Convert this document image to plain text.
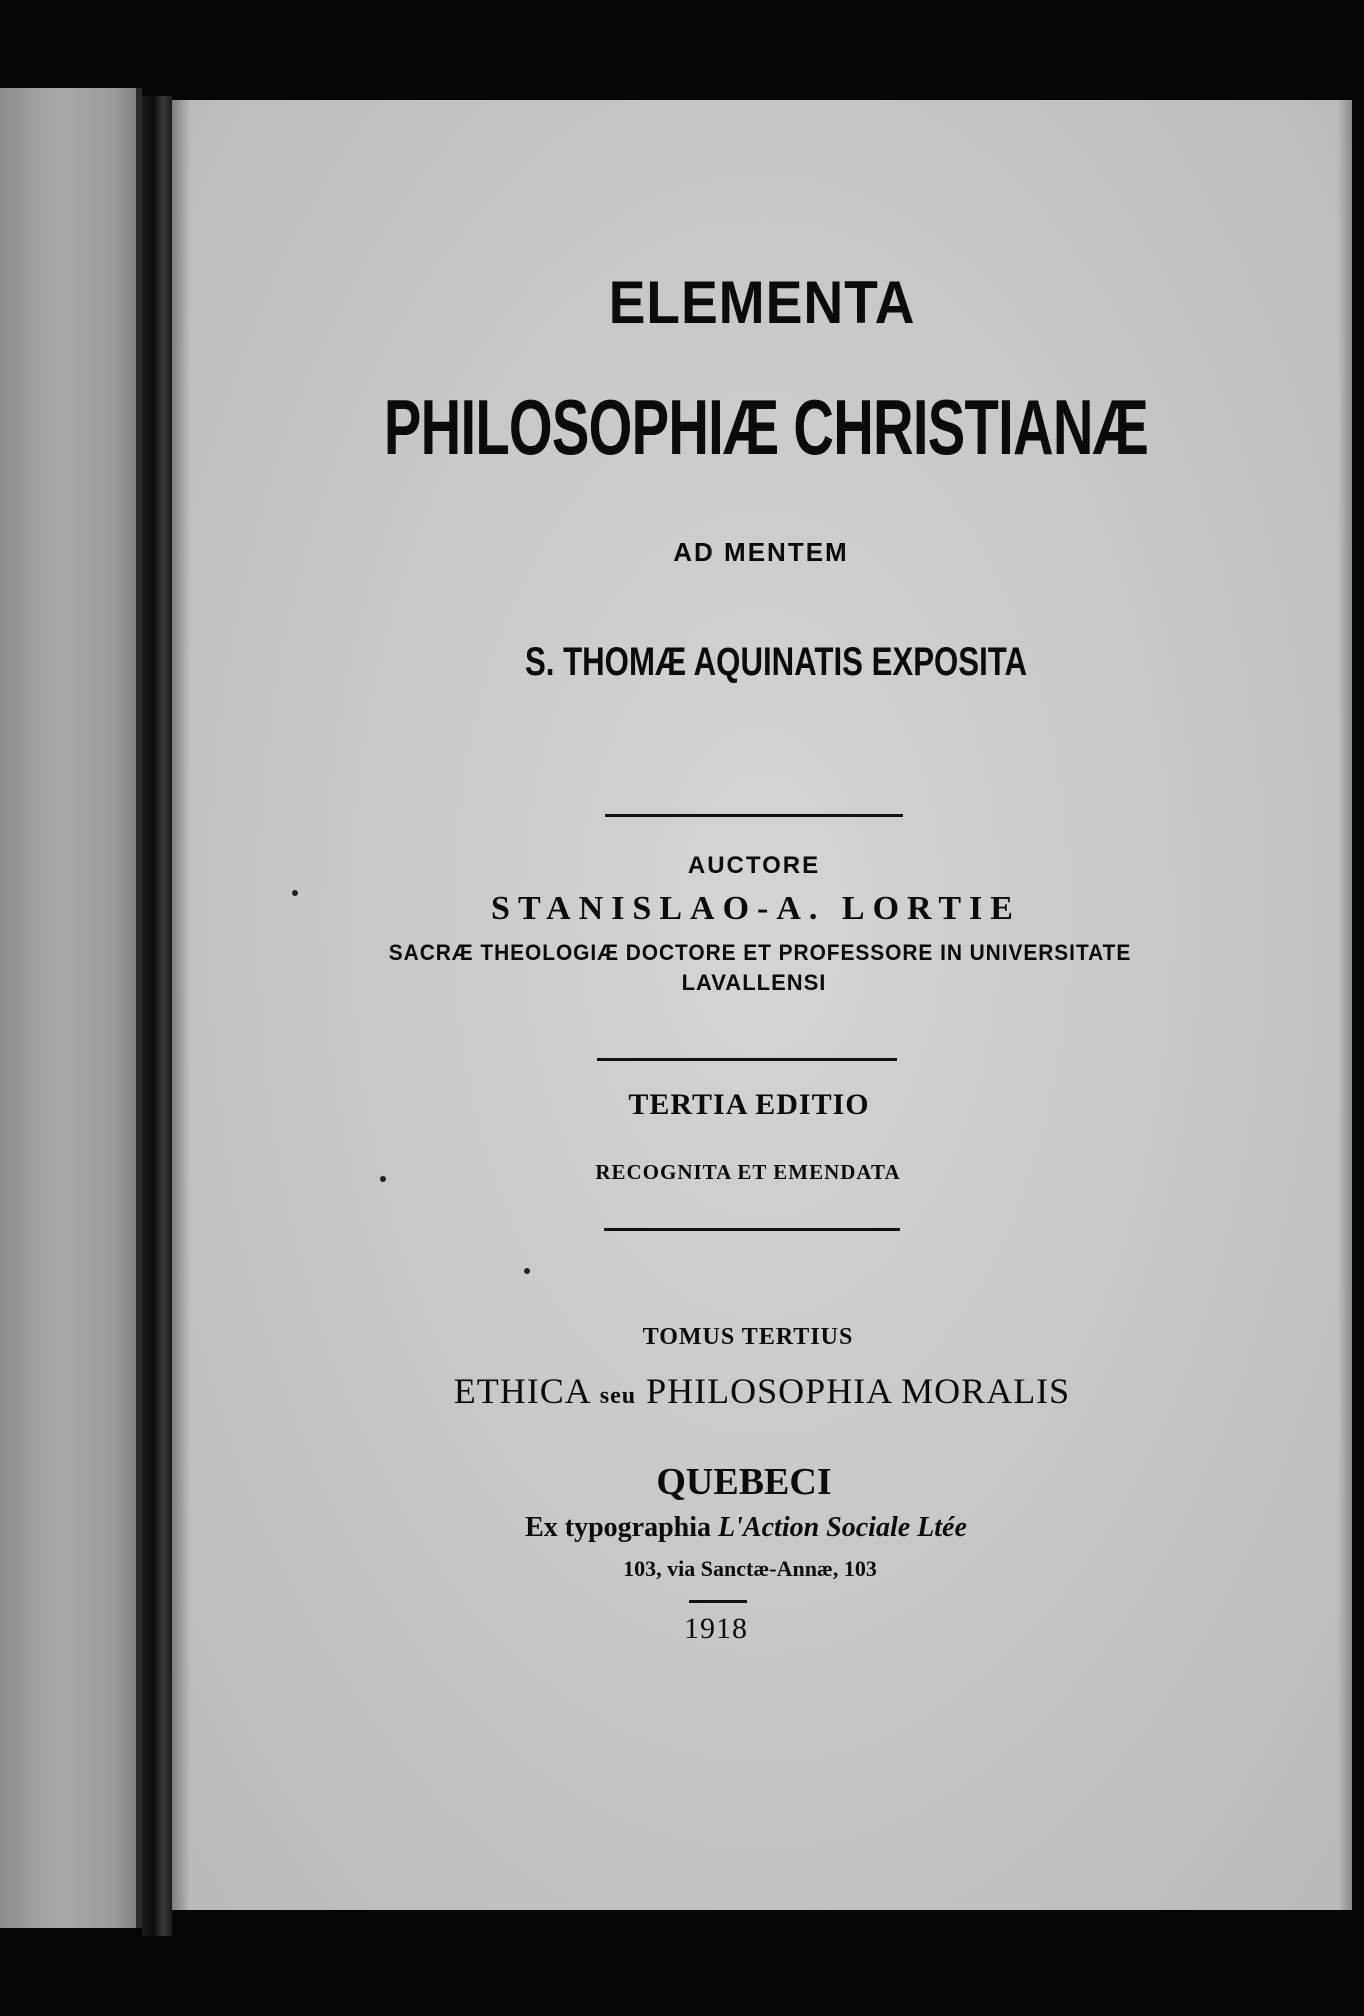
ELEMENTA
PHILOSOPHIÆ CHRISTIANÆ
AD MENTEM
S. THOMÆ AQUINATIS EXPOSITA
AUCTORE
STANISLAO-A. LORTIE
SACRÆ THEOLOGIÆ DOCTORE ET PROFESSORE IN UNIVERSITATE
LAVALLENSI
TERTIA EDITIO
RECOGNITA ET EMENDATA
TOMUS TERTIUS
ETHICA seu PHILOSOPHIA MORALIS
QUEBECI
Ex typographia L'Action Sociale Ltée
103, via Sanctæ-Annæ, 103
1918
